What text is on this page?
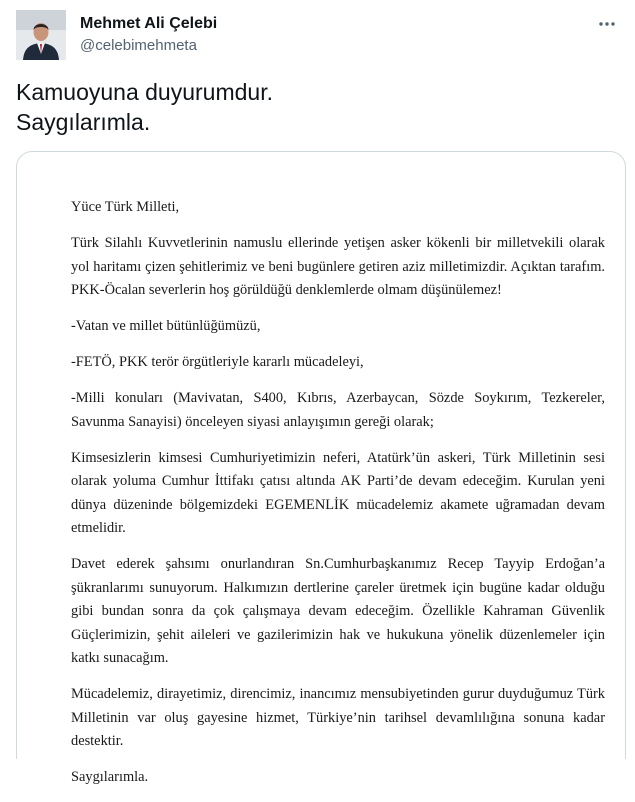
Mehmet Ali Çelebi
@celebimehmeta
Kamuoyuna duyurumdur.
Saygılarımla.

Yüce Türk Milleti,

Türk Silahlı Kuvvetlerinin namuslu ellerinde yetişen asker kökenli bir milletvekili olarak yol haritamı çizen şehitlerimiz ve beni bugünlere getiren aziz milletimizdir. Açıktan tarafım. PKK-Öcalan severlerin hoş görüldüğü denklemlerde olmam düşünülemez!

-Vatan ve millet bütünlüğümüzü,

-FETÖ, PKK terör örgütleriyle kararlı mücadeleyi,

-Milli konuları (Mavivatan, S400, Kıbrıs, Azerbaycan, Sözde Soykırım, Tezkereler, Savunma Sanayisi) önceleyen siyasi anlayışımın gereği olarak;

Kimsesizlerin kimsesi Cumhuriyetimizin neferi, Atatürk’ün askeri, Türk Milletinin sesi olarak yoluma Cumhur İttifakı çatısı altında AK Parti’de devam edeceğim. Kurulan yeni dünya düzeninde bölgemizdeki EGEMENLİK mücadelemiz akamete uğramadan devam etmelidir.

Davet ederek şahsımı onurlandıran Sn.Cumhurbaşkanımız Recep Tayyip Erdoğan’a şükranlarımı sunuyorum. Halkımızın dertlerine çareler üretmek için bugüne kadar olduğu gibi bundan sonra da çok çalışmaya devam edeceğim. Özellikle Kahraman Güvenlik Güçlerimizin, şehit aileleri ve gazilerimizin hak ve hukukuna yönelik düzenlemeler için katkı sunacağım.

Mücadelemiz, dirayetimiz, direncimiz, inancımız mensubiyetinden gurur duyduğumuz Türk Milletinin var oluş gayesine hizmet, Türkiye’nin tarihsel devamlılığına sonuna kadar destektir.

Saygılarımla.
